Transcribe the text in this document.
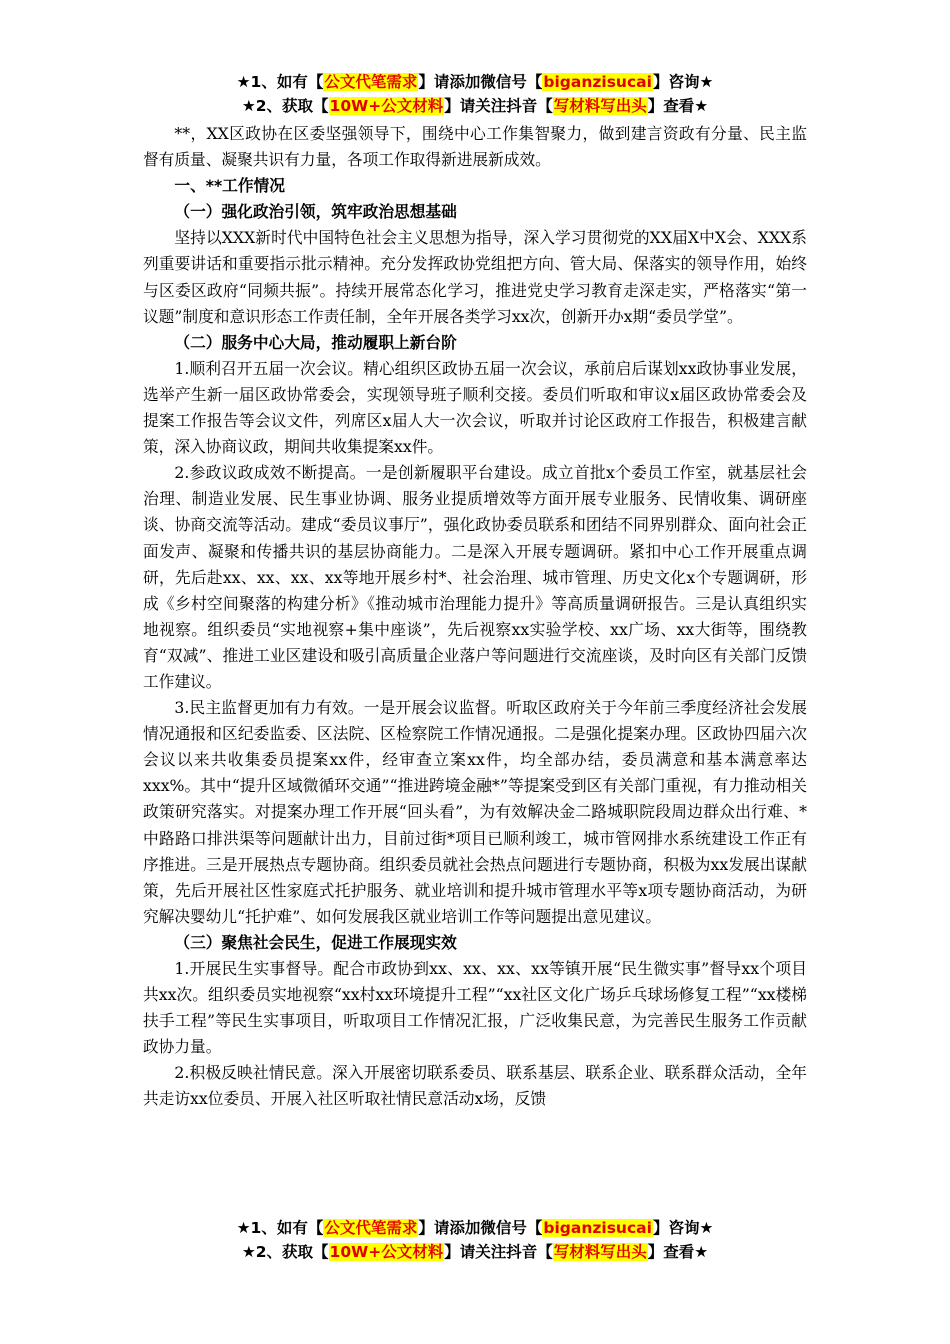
★1、如有【公文代笔需求】请添加微信号【biganzisucai】咨询★
★2、获取【10W+公文材料】请关注抖音【写材料写出头】查看★

**，XX区政协在区委坚强领导下，围绕中心工作集智聚力，做到建言资政有分量、民主监督有质量、凝聚共识有力量，各项工作取得新进展新成效。

一、**工作情况

（一）强化政治引领，筑牢政治思想基础

坚持以XXX新时代中国特色社会主义思想为指导，深入学习贯彻党的XX届X中X会、XXX系列重要讲话和重要指示批示精神。充分发挥政协党组把方向、管大局、保落实的领导作用，始终与区委区政府“同频共振”。持续开展常态化学习，推进党史学习教育走深走实，严格落实“第一议题”制度和意识形态工作责任制，全年开展各类学习xx次，创新开办x期“委员学堂”。

（二）服务中心大局，推动履职上新台阶

1.顺利召开五届一次会议。精心组织区政协五届一次会议，承前启后谋划xx政协事业发展，选举产生新一届区政协常委会，实现领导班子顺利交接。委员们听取和审议x届区政协常委会及提案工作报告等会议文件，列席区x届人大一次会议，听取并讨论区政府工作报告，积极建言献策，深入协商议政，期间共收集提案xx件。

2.参政议政成效不断提高。一是创新履职平台建设。成立首批x个委员工作室，就基层社会治理、制造业发展、民生事业协调、服务业提质增效等方面开展专业服务、民情收集、调研座谈、协商交流等活动。建成“委员议事厅”，强化政协委员联系和团结不同界别群众、面向社会正面发声、凝聚和传播共识的基层协商能力。二是深入开展专题调研。紧扣中心工作开展重点调研，先后赴xx、xx、xx、xx等地开展乡村*、社会治理、城市管理、历史文化x个专题调研，形成《乡村空间聚落的构建分析》《推动城市治理能力提升》等高质量调研报告。三是认真组织实地视察。组织委员“实地视察+集中座谈”，先后视察xx实验学校、xx广场、xx大街等，围绕教育“双减”、推进工业区建设和吸引高质量企业落户等问题进行交流座谈，及时向区有关部门反馈工作建议。

3.民主监督更加有力有效。一是开展会议监督。听取区政府关于今年前三季度经济社会发展情况通报和区纪委监委、区法院、区检察院工作情况通报。二是强化提案办理。区政协四届六次会议以来共收集委员提案xx件，经审查立案xx件，均全部办结，委员满意和基本满意率达xxx%。其中“提升区域微循环交通”“推进跨境金融*”等提案受到区有关部门重视，有力推动相关政策研究落实。对提案办理工作开展“回头看”，为有效解决金二路城职院段周边群众出行难、*中路路口排洪渠等问题献计出力，目前过街*项目已顺利竣工，城市管网排水系统建设工作正有序推进。三是开展热点专题协商。组织委员就社会热点问题进行专题协商，积极为xx发展出谋献策，先后开展社区性家庭式托护服务、就业培训和提升城市管理水平等x项专题协商活动，为研究解决婴幼儿“托护难”、如何发展我区就业培训工作等问题提出意见建议。

（三）聚焦社会民生，促进工作展现实效

1.开展民生实事督导。配合市政协到xx、xx、xx、xx等镇开展“民生微实事”督导xx个项目共xx次。组织委员实地视察“xx村xx环境提升工程”“xx社区文化广场乒乓球场修复工程”“xx楼梯扶手工程”等民生实事项目，听取项目工作情况汇报，广泛收集民意，为完善民生服务工作贡献政协力量。

2.积极反映社情民意。深入开展密切联系委员、联系基层、联系企业、联系群众活动，全年共走访xx位委员、开展入社区听取社情民意活动x场，反馈

★1、如有【公文代笔需求】请添加微信号【biganzisucai】咨询★
★2、获取【10W+公文材料】请关注抖音【写材料写出头】查看★
